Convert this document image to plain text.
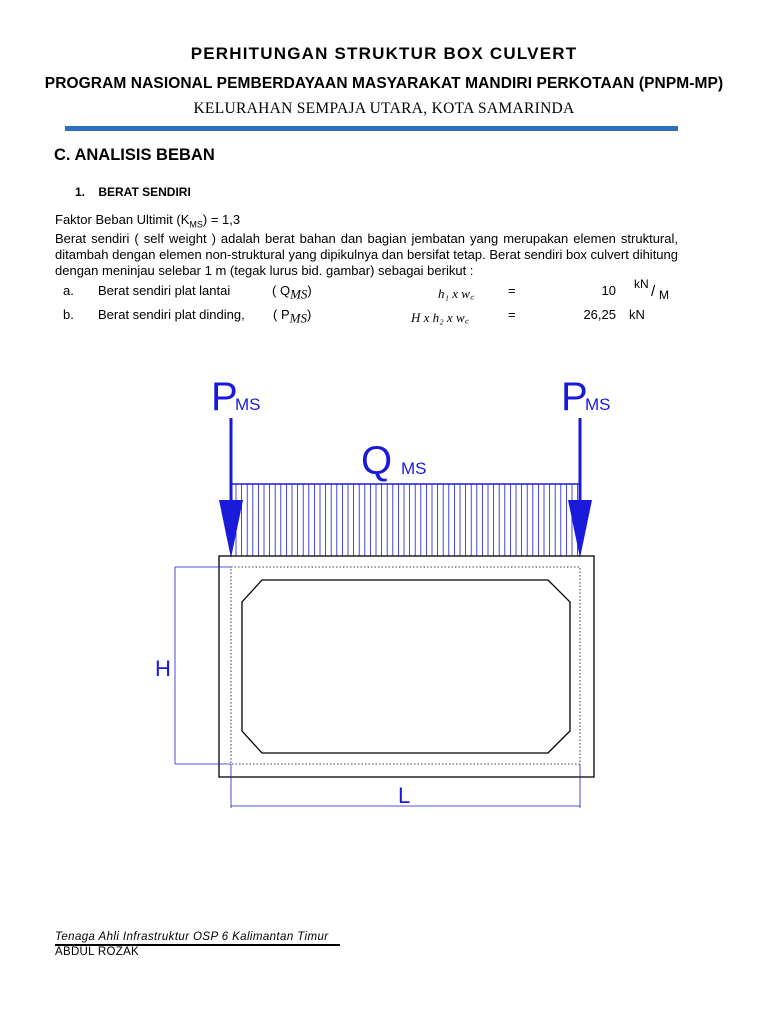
PERHITUNGAN STRUKTUR BOX CULVERT
PROGRAM NASIONAL PEMBERDAYAAN MASYARAKAT MANDIRI PERKOTAAN (PNPM-MP)
KELURAHAN SEMPAJA UTARA, KOTA SAMARINDA
C. ANALISIS BEBAN
1.    BERAT SENDIRI
Faktor Beban Ultimit $(K_{MS}) = 1,3$
Berat sendiri ( self weight ) adalah berat bahan dan bagian jembatan yang merupakan elemen struktural, ditambah dengan elemen non-struktural yang dipikulnya dan bersifat tetap. Berat sendiri box culvert dihitung dengan meninjau selebar 1 m (tegak lurus bid. gambar) sebagai berikut :
a. Berat sendiri plat lantai	( $Q_{MS}$)	h₁ x w꜀	=	10 kN / M
b. Berat sendiri plat dinding, ( $P_{MS}$)	H x h₂ x w꜀	=	26,25 kN
P
MS	P
MS
Q MS
H
L
Tenaga Ahli Infrastruktur OSP 6 Kalimantan Timur
ABDUL ROZAK
